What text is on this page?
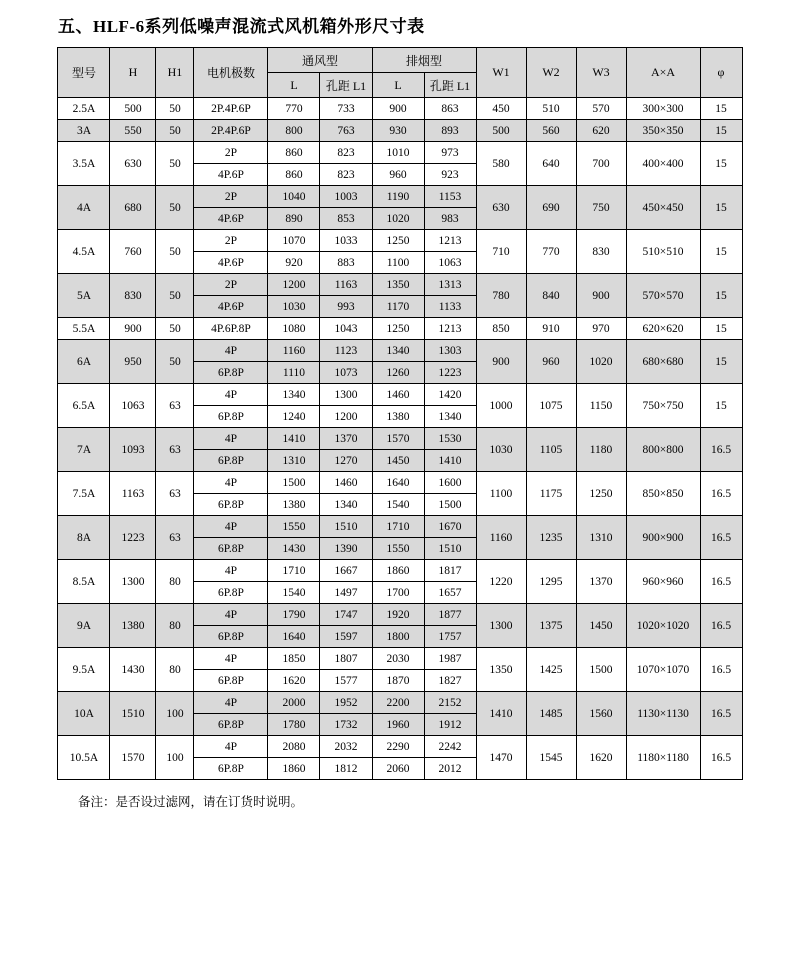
五、HLF-6系列低噪声混流式风机箱外形尺寸表
型号	H	H1	电机极数	通风型		排烟型		W1	W2	W3	A×A	φ
				L	孔距 L1	L	孔距 L1					
2.5A	500	50	2P.4P.6P	770	733	900	863	450	510	570	300×300	15
3A	550	50	2P.4P.6P	800	763	930	893	500	560	620	350×350	15
3.5A	630	50	2P	860	823	1010	973	580	640	700	400×400	15
			4P.6P	860	823	960	923					
4A	680	50	2P	1040	1003	1190	1153	630	690	750	450×450	15
			4P.6P	890	853	1020	983					
4.5A	760	50	2P	1070	1033	1250	1213	710	770	830	510×510	15
			4P.6P	920	883	1100	1063					
5A	830	50	2P	1200	1163	1350	1313	780	840	900	570×570	15
			4P.6P	1030	993	1170	1133					
5.5A	900	50	4P.6P.8P	1080	1043	1250	1213	850	910	970	620×620	15
6A	950	50	4P	1160	1123	1340	1303	900	960	1020	680×680	15
			6P.8P	1110	1073	1260	1223					
6.5A	1063	63	4P	1340	1300	1460	1420	1000	1075	1150	750×750	15
			6P.8P	1240	1200	1380	1340					
7A	1093	63	4P	1410	1370	1570	1530	1030	1105	1180	800×800	16.5
			6P.8P	1310	1270	1450	1410					
7.5A	1163	63	4P	1500	1460	1640	1600	1100	1175	1250	850×850	16.5
			6P.8P	1380	1340	1540	1500					
8A	1223	63	4P	1550	1510	1710	1670	1160	1235	1310	900×900	16.5
			6P.8P	1430	1390	1550	1510					
8.5A	1300	80	4P	1710	1667	1860	1817	1220	1295	1370	960×960	16.5
			6P.8P	1540	1497	1700	1657					
9A	1380	80	4P	1790	1747	1920	1877	1300	1375	1450	1020×1020	16.5
			6P.8P	1640	1597	1800	1757					
9.5A	1430	80	4P	1850	1807	2030	1987	1350	1425	1500	1070×1070	16.5
			6P.8P	1620	1577	1870	1827					
10A	1510	100	4P	2000	1952	2200	2152	1410	1485	1560	1130×1130	16.5
			6P.8P	1780	1732	1960	1912					
10.5A	1570	100	4P	2080	2032	2290	2242	1470	1545	1620	1180×1180	16.5
			6P.8P	1860	1812	2060	2012					
备注：是否设过滤网，请在订货时说明。
